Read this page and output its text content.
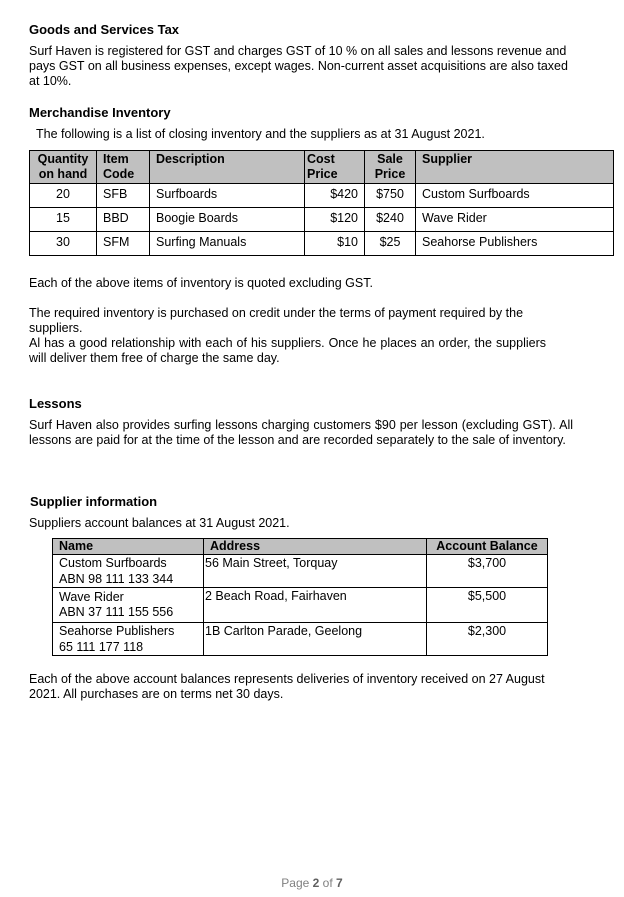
Goods and Services Tax
Surf Haven is registered for GST and charges GST of 10 % on all sales and lessons revenue and pays GST on all business expenses, except wages. Non-current asset acquisitions are also taxed at 10%.
Merchandise Inventory
The following is a list of closing inventory and the suppliers as at 31 August 2021.
Quantity on hand	Item Code	Description	Cost Price	Sale Price	Supplier
20	SFB	Surfboards	$420	$750	Custom Surfboards
15	BBD	Boogie Boards	$120	$240	Wave Rider
30	SFM	Surfing Manuals	$10	$25	Seahorse Publishers
Each of the above items of inventory is quoted excluding GST.
The required inventory is purchased on credit under the terms of payment required by the suppliers.
Al has a good relationship with each of his suppliers. Once he places an order, the suppliers will deliver them free of charge the same day.
Lessons
Surf Haven also provides surfing lessons charging customers $90 per lesson (excluding GST). All lessons are paid for at the time of the lesson and are recorded separately to the sale of inventory.
Supplier information
Suppliers account balances at 31 August 2021.
Name	Address	Account Balance

Custom Surfboards
ABN 98 111 133 344	56 Main Street, Torquay	$3,700

Wave Rider
ABN 37 111 155 556	2 Beach Road, Fairhaven	$5,500

Seahorse Publishers
65 111 177 118	1B Carlton Parade, Geelong	$2,300
Each of the above account balances represents deliveries of inventory received on 27 August 2021. All purchases are on terms net 30 days.
Page 2 of 7
